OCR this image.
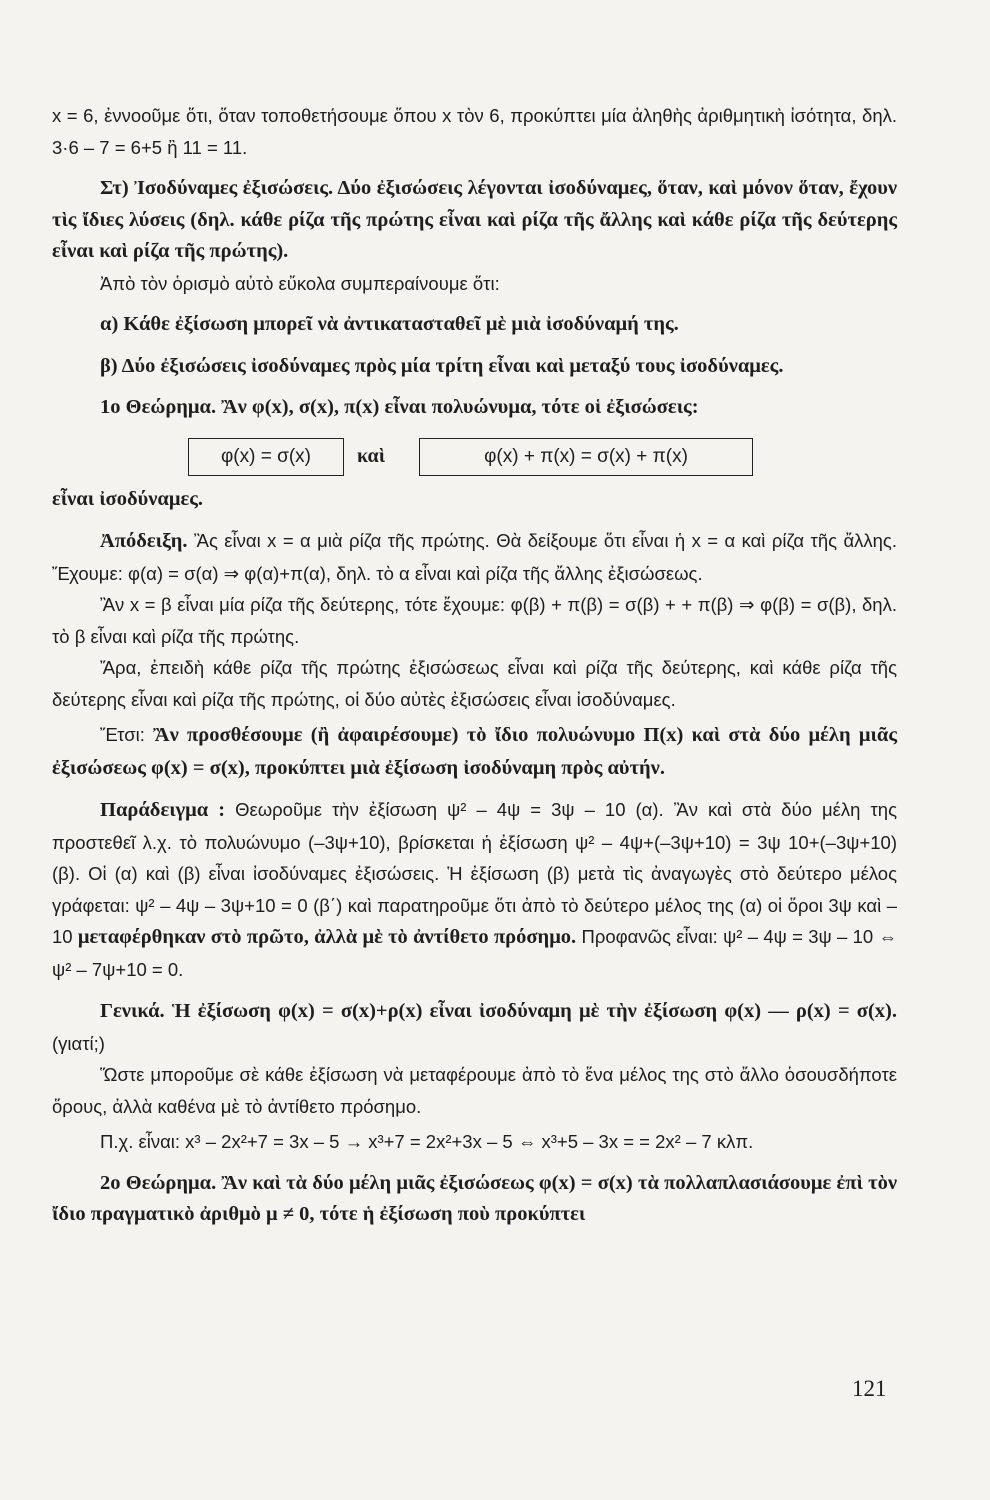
x = 6, ἐννοοῦμε ὅτι, ὅταν τοποθετήσουμε ὅπου x τὸν 6, προκύπτει μία ἀληθὴς ἀριθμητικὴ ἰσότητα, δηλ. 3·6 – 7 = 6+5 ἢ 11 = 11.

Στ) Ἰσοδύναμες ἐξισώσεις. Δύο ἐξισώσεις λέγονται ἰσοδύναμες, ὅταν, καὶ μόνον ὅταν, ἔχουν τὶς ἴδιες λύσεις (δηλ. κάθε ρίζα τῆς πρώτης εἶναι καὶ ρίζα τῆς ἄλλης καὶ κάθε ρίζα τῆς δεύτερης εἶναι καὶ ρίζα τῆς πρώτης).

Ἀπὸ τὸν ὁρισμὸ αὐτὸ εὔκολα συμπεραίνουμε ὅτι:

α) Κάθε ἐξίσωση μπορεῖ νὰ ἀντικατασταθεῖ μὲ μιὰ ἰσοδύναμή της.

β) Δύο ἐξισώσεις ἰσοδύναμες πρὸς μία τρίτη εἶναι καὶ μεταξύ τους ἰσοδύναμες.

1ο Θεώρημα. Ἂν φ(x), σ(x), π(x) εἶναι πολυώνυμα, τότε οἱ ἐξισώσεις:

φ(x) = σ(x)	καὶ	φ(x) + π(x) = σ(x) + π(x)

εἶναι ἰσοδύναμες.

Ἀπόδειξη. Ἂς εἶναι x = α μιὰ ρίζα τῆς πρώτης. Θὰ δείξουμε ὅτι εἶναι ἡ x = α καὶ ρίζα τῆς ἄλλης. Ἔχουμε: φ(α) = σ(α) ⇒ φ(α)+π(α), δηλ. τὸ α εἶναι καὶ ρίζα τῆς ἄλλης ἐξισώσεως.

Ἂν x = β εἶναι μία ρίζα τῆς δεύτερης, τότε ἔχουμε: φ(β) + π(β) = σ(β) + + π(β) ⇒ φ(β) = σ(β), δηλ. τὸ β εἶναι καὶ ρίζα τῆς πρώτης.

Ἄρα, ἐπειδὴ κάθε ρίζα τῆς πρώτης ἐξισώσεως εἶναι καὶ ρίζα τῆς δεύτερης, καὶ κάθε ρίζα τῆς δεύτερης εἶναι καὶ ρίζα τῆς πρώτης, οἱ δύο αὐτὲς ἐξισώσεις εἶναι ἰσοδύναμες.

Ἔτσι: Ἂν προσθέσουμε (ἢ ἀφαιρέσουμε) τὸ ἴδιο πολυώνυμο Π(x) καὶ στὰ δύο μέλη μιᾶς ἐξισώσεως φ(x) = σ(x), προκύπτει μιὰ ἐξίσωση ἰσοδύναμη πρὸς αὐτήν.

Παράδειγμα : Θεωροῦμε τὴν ἐξίσωση ψ² – 4ψ = 3ψ – 10 (α). Ἂν καὶ στὰ δύο μέλη της προστεθεῖ λ.χ. τὸ πολυώνυμο (–3ψ+10), βρίσκεται ἡ ἐξίσωση ψ² – 4ψ+(–3ψ+10) = 3ψ 10+(–3ψ+10) (β). Οἱ (α) καὶ (β) εἶναι ἰσοδύναμες ἐξισώσεις. Ἡ ἐξίσωση (β) μετὰ τὶς ἀναγωγὲς στὸ δεύτερο μέλος γράφεται: ψ² – 4ψ – 3ψ+10 = 0 (β΄) καὶ παρατηροῦμε ὅτι ἀπὸ τὸ δεύτερο μέλος της (α) οἱ ὅροι 3ψ καὶ –10 μεταφέρθηκαν στὸ πρῶτο, ἀλλὰ μὲ τὸ ἀντίθετο πρόσημο. Προφανῶς εἶναι: ψ² – 4ψ = 3ψ – 10 ⇔ ψ² – 7ψ+10 = 0.

Γενικά. Ἡ ἐξίσωση φ(x) = σ(x)+ρ(x) εἶναι ἰσοδύναμη μὲ τὴν ἐξίσωση φ(x) — ρ(x) = σ(x). (γιατί;)

Ὥστε μποροῦμε σὲ κάθε ἐξίσωση νὰ μεταφέρουμε ἀπὸ τὸ ἕνα μέλος της στὸ ἄλλο ὁσουσδήποτε ὅρους, ἀλλὰ καθένα μὲ τὸ ἀντίθετο πρόσημο.

Π.χ. εἶναι: x³ – 2x²+7 = 3x – 5 → x³+7 = 2x²+3x – 5 ⇔ x³+5 – 3x = = 2x² – 7 κλπ.

2ο Θεώρημα. Ἂν καὶ τὰ δύο μέλη μιᾶς ἐξισώσεως φ(x) = σ(x) τὰ πολλαπλασιάσουμε ἐπὶ τὸν ἴδιο πραγματικὸ ἀριθμὸ μ ≠ 0, τότε ἡ ἐξίσωση ποὺ προκύπτει

121
